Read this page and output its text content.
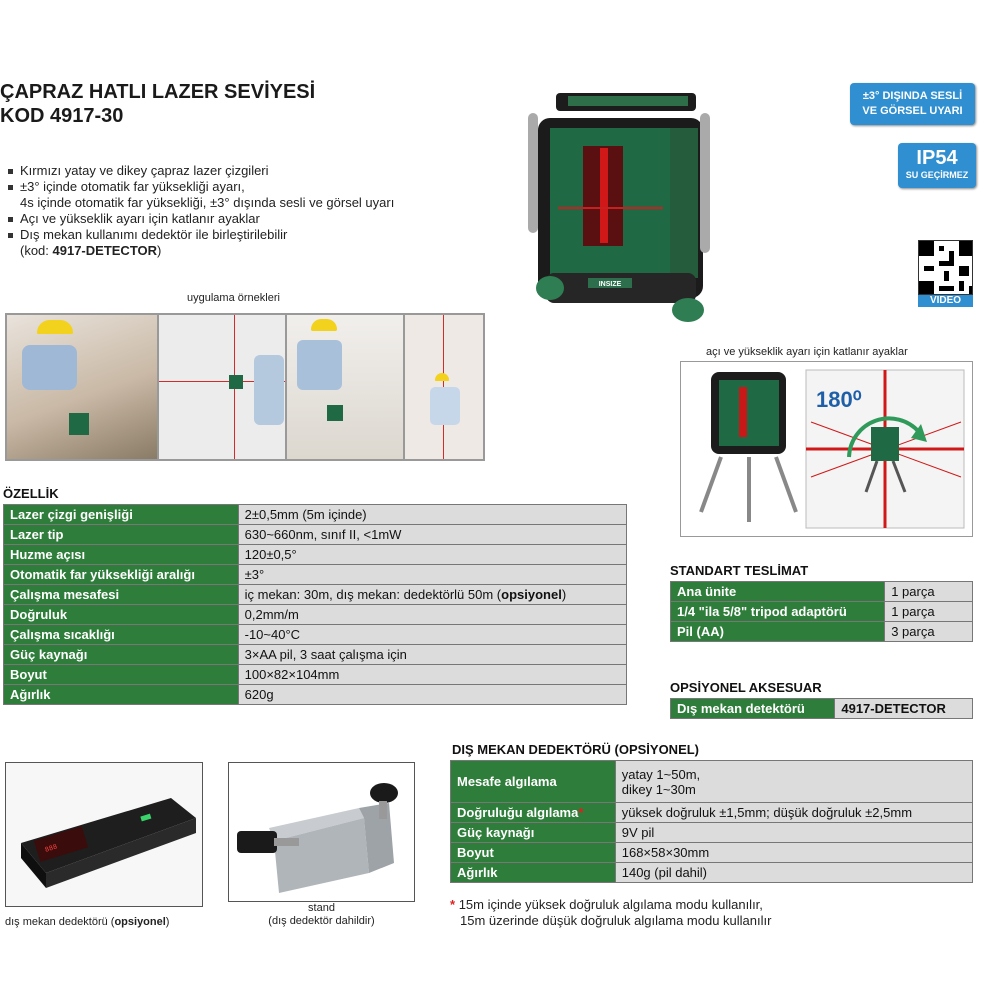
ÇAPRAZ HATLI LAZER SEVİYESİ
KOD 4917-30
Kırmızı yatay ve dikey çapraz lazer çizgileri
±3° içinde otomatik far yüksekliği ayarı,
4s içinde otomatik far yüksekliği, ±3° dışında sesli ve görsel uyarı
Açı ve yükseklik ayarı için katlanır ayaklar
Dış mekan kullanımı dedektör ile birleştirilebilir
(kod: 4917-DETECTOR)
INSIZE
±3° DIŞINDA SESLİ
VE GÖRSEL UYARI
IP54
SU GEÇİRMEZ
VIDEO
uygulama örnekleri
açı ve yükseklik ayarı için katlanır ayaklar
180⁰
ÖZELLİK
Lazer çizgi genişliği	2±0,5mm (5m içinde)
Lazer tip	630~660nm, sınıf II, <1mW
Huzme açısı	120±0,5°
Otomatik far yüksekliği aralığı	±3°
Çalışma mesafesi	iç mekan: 30m, dış mekan: dedektörlü 50m (opsiyonel)
Doğruluk	0,2mm/m
Çalışma sıcaklığı	-10~40°C
Güç kaynağı	3×AA pil, 3 saat çalışma için
Boyut	100×82×104mm
Ağırlık	620g
STANDART TESLİMAT
Ana ünite	1 parça
1/4 "ila 5/8" tripod adaptörü	1 parça
Pil (AA)	3 parça
OPSİYONEL AKSESUAR
Dış mekan detektörü	4917-DETECTOR
888
dış mekan dedektörü (opsiyonel)
stand
(dış dedektör dahildir)
DIŞ MEKAN DEDEKTÖRÜ (OPSİYONEL)
Mesafe algılama	yatay 1~50m,
dikey 1~30m

Doğruluğu algılama*	yüksek doğruluk ±1,5mm; düşük doğruluk ±2,5mm
Güç kaynağı	9V pil
Boyut	168×58×30mm
Ağırlık	140g (pil dahil)
* 15m içinde yüksek doğruluk algılama modu kullanılır,
15m üzerinde düşük doğruluk algılama modu kullanılır
